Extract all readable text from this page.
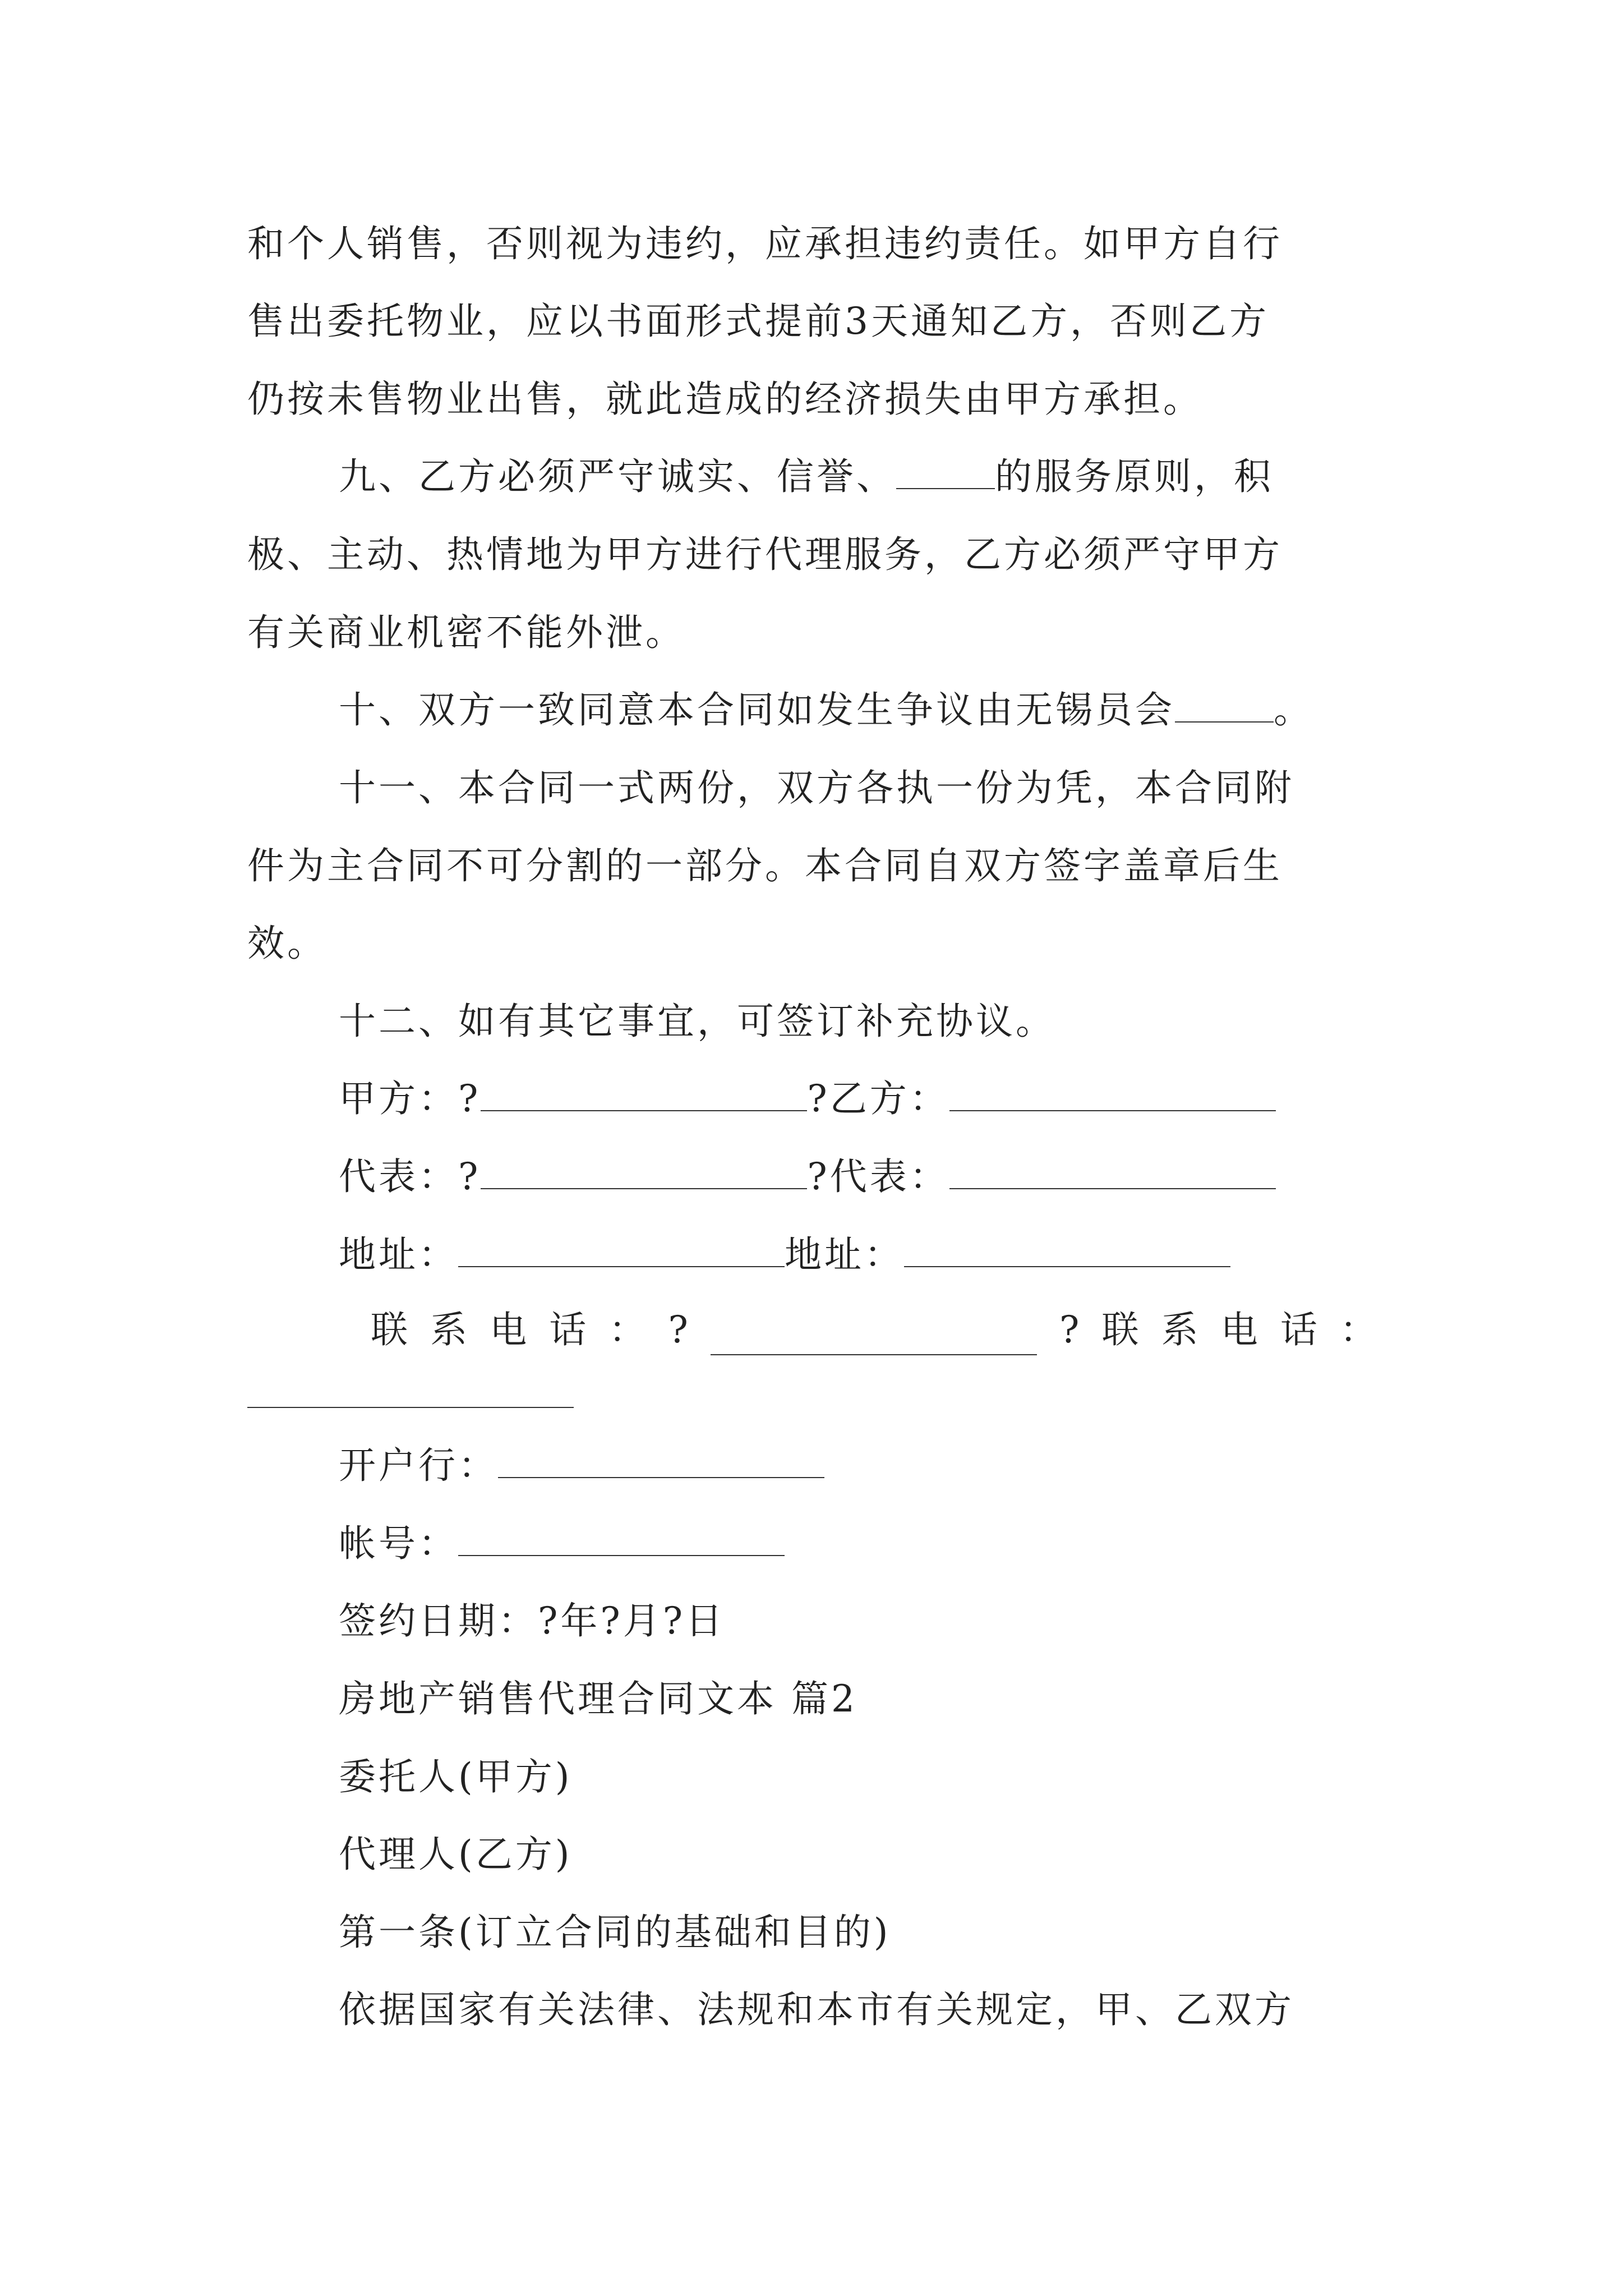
和个人销售，否则视为违约，应承担违约责任。如甲方自行
售出委托物业，应以书面形式提前3天通知乙方，否则乙方
仍按未售物业出售，就此造成的经济损失由甲方承担。
九、乙方必须严守诚实、信誉、	的服务原则，积
极、主动、热情地为甲方进行代理服务，乙方必须严守甲方
有关商业机密不能外泄。
十、双方一致同意本合同如发生争议由无锡员会	。
十一、本合同一式两份，双方各执一份为凭，本合同附
件为主合同不可分割的一部分。本合同自双方签字盖章后生
效。
十二、如有其它事宜，可签订补充协议。
甲方：?	?乙方：
代表：?	?代表：
地址：	地址：
联 系 电 话 ： ?	? 联 系 电 话 ：
开户行：
帐号：
签约日期：?年?月?日
房地产销售代理合同文本 篇2
委托人(甲方)
代理人(乙方)
第一条(订立合同的基础和目的)
依据国家有关法律、法规和本市有关规定，甲、乙双方
